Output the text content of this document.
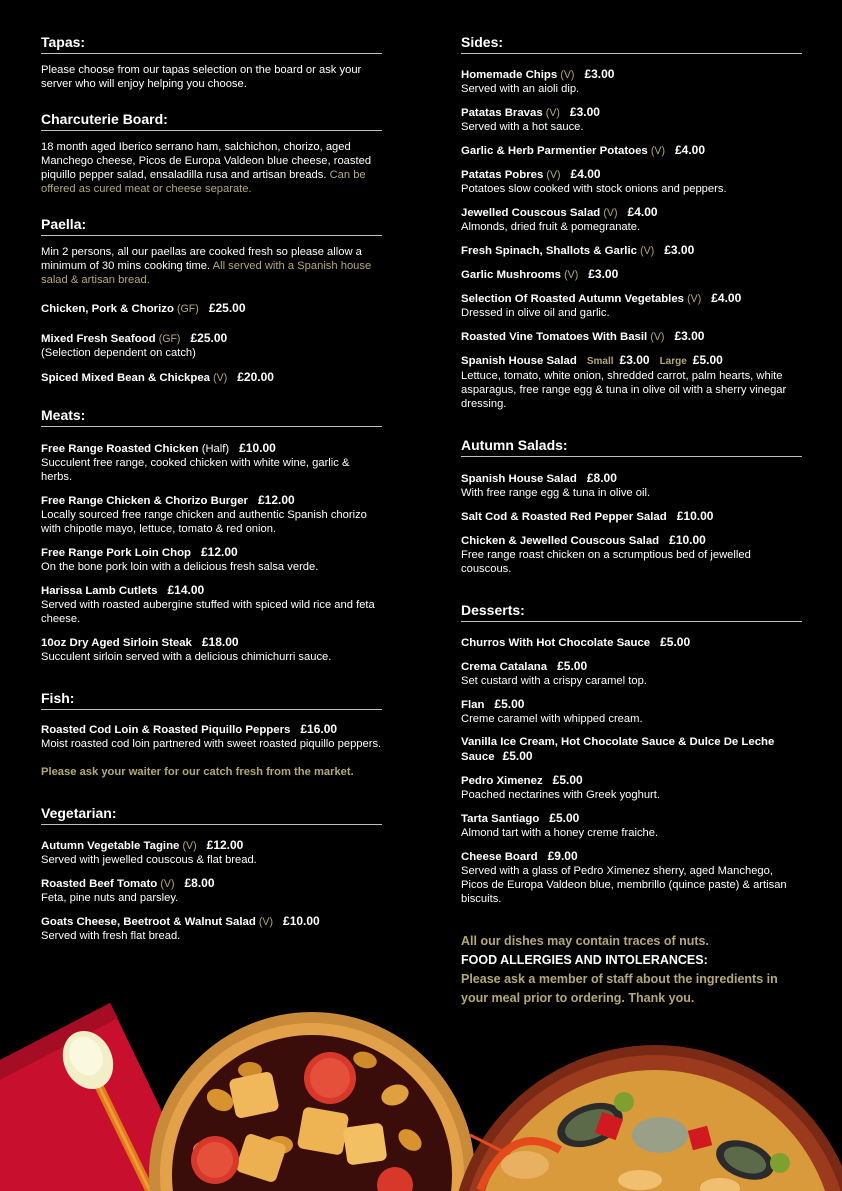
Tapas:
Please choose from our tapas selection on the board or ask your server who will enjoy helping you choose.
Charcuterie Board:
18 month aged Iberico serrano ham, salchichon, chorizo, aged Manchego cheese, Picos de Europa Valdeon blue cheese, roasted piquillo pepper salad, ensaladilla rusa and artisan breads. Can be offered as cured meat or cheese separate.
Paella:
Min 2 persons, all our paellas are cooked fresh so please allow a minimum of 30 mins cooking time. All served with a Spanish house salad & artisan bread.
Chicken, Pork & Chorizo (GF) £25.00
Mixed Fresh Seafood (GF) £25.00
(Selection dependent on catch)
Spiced Mixed Bean & Chickpea (V) £20.00
Meats:
Free Range Roasted Chicken (Half) £10.00
Succulent free range, cooked chicken with white wine, garlic & herbs.
Free Range Chicken & Chorizo Burger £12.00
Locally sourced free range chicken and authentic Spanish chorizo with chipotle mayo, lettuce, tomato & red onion.
Free Range Pork Loin Chop £12.00
On the bone pork loin with a delicious fresh salsa verde.
Harissa Lamb Cutlets £14.00
Served with roasted aubergine stuffed with spiced wild rice and feta cheese.
10oz Dry Aged Sirloin Steak £18.00
Succulent sirloin served with a delicious chimichurri sauce.
Fish:
Roasted Cod Loin & Roasted Piquillo Peppers £16.00
Moist roasted cod loin partnered with sweet roasted piquillo peppers.
Please ask your waiter for our catch fresh from the market.
Vegetarian:
Autumn Vegetable Tagine (V) £12.00
Served with jewelled couscous & flat bread.
Roasted Beef Tomato (V) £8.00
Feta, pine nuts and parsley.
Goats Cheese, Beetroot & Walnut Salad (V) £10.00
Served with fresh flat bread.
Sides:
Homemade Chips (V) £3.00
Served with an aioli dip.
Patatas Bravas (V) £3.00
Served with a hot sauce.
Garlic & Herb Parmentier Potatoes (V) £4.00
Patatas Pobres (V) £4.00
Potatoes slow cooked with stock onions and peppers.
Jewelled Couscous Salad (V) £4.00
Almonds, dried fruit & pomegranate.
Fresh Spinach, Shallots & Garlic (V) £3.00
Garlic Mushrooms (V) £3.00
Selection Of Roasted Autumn Vegetables (V) £4.00
Dressed in olive oil and garlic.
Roasted Vine Tomatoes With Basil (V) £3.00
Spanish House Salad Small £3.00 Large £5.00
Lettuce, tomato, white onion, shredded carrot, palm hearts, white asparagus, free range egg & tuna in olive oil with a sherry vinegar dressing.
Autumn Salads:
Spanish House Salad £8.00
With free range egg & tuna in olive oil.
Salt Cod & Roasted Red Pepper Salad £10.00
Chicken & Jewelled Couscous Salad £10.00
Free range roast chicken on a scrumptious bed of jewelled couscous.
Desserts:
Churros With Hot Chocolate Sauce £5.00
Crema Catalana £5.00
Set custard with a crispy caramel top.
Flan £5.00
Creme caramel with whipped cream.
Vanilla Ice Cream, Hot Chocolate Sauce & Dulce De Leche Sauce £5.00
Pedro Ximenez £5.00
Poached nectarines with Greek yoghurt.
Tarta Santiago £5.00
Almond tart with a honey creme fraiche.
Cheese Board £9.00
Served with a glass of Pedro Ximenez sherry, aged Manchego, Picos de Europa Valdeon blue, membrillo (quince paste) & artisan biscuits.
All our dishes may contain traces of nuts.
FOOD ALLERGIES AND INTOLERANCES:
Please ask a member of staff about the ingredients in your meal prior to ordering. Thank you.
